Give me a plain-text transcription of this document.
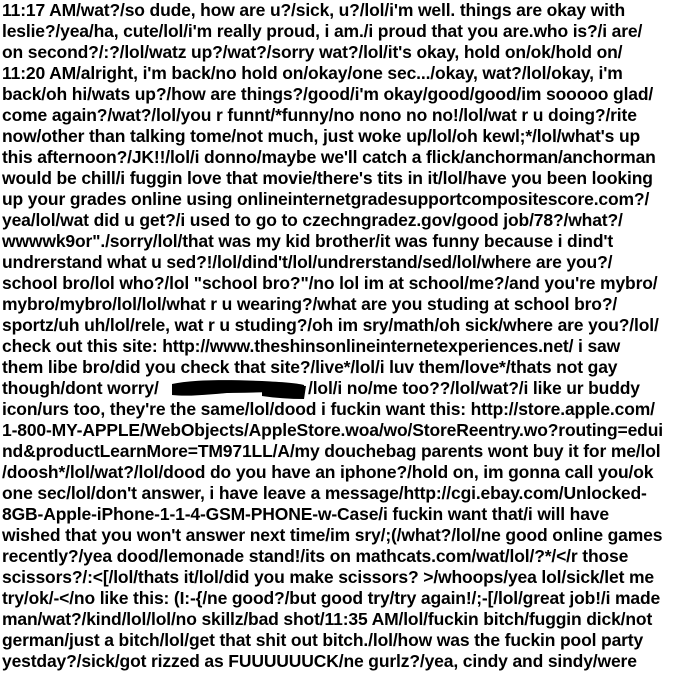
11:17 AM/wat?/so dude, how are u?/sick, u?/lol/i'm well. things are okay with
leslie?/yea/ha, cute/lol/i'm really proud, i am./i proud that you are.who is?/i are/
on second?/:?/lol/watz up?/wat?/sorry wat?/lol/it's okay, hold on/ok/hold on/
11:20 AM/alright, i'm back/no hold on/okay/one sec.../okay, wat?/lol/okay, i'm
back/oh hi/wats up?/how are things?/good/i'm okay/good/good/im sooooo glad/
come again?/wat?/lol/you r funnt/*funny/no nono no no!/lol/wat r u doing?/rite
now/other than talking tome/not much, just woke up/lol/oh kewl;*/lol/what's up
this afternoon?/JK!!/lol/i donno/maybe we'll catch a flick/anchorman/anchorman
would be chill/i fuggin love that movie/there's tits in it/lol/have you been looking
up your grades online using onlineinternetgradesupportcompositescore.com?/
yea/lol/wat did u get?/i used to go to czechngradez.gov/good job/78?/what?/
wwwwk9or"./sorry/lol/that was my kid brother/it was funny because i dind't
undrerstand what u sed?!/lol/dind't/lol/undrerstand/sed/lol/where are you?/
school bro/lol who?/lol "school bro?"/no lol im at school/me?/and you're mybro/
mybro/mybro/lol/lol/what r u wearing?/what are you studing at school bro?/
sportz/uh uh/lol/rele, wat r u studing?/oh im sry/math/oh sick/where are you?/lol/
check out this site: http://www.theshinsonlineinternetexperiences.net/ i saw
them libe bro/did you check that site?/live*/lol/i luv them/love*/thats not gay
though/dont worry/	/lol/i no/me too??/lol/wat?/i like ur buddy
icon/urs too, they're the same/lol/dood i fuckin want this: http://store.apple.com/
1-800-MY-APPLE/WebObjects/AppleStore.woa/wo/StoreReentry.wo?routing=edui
nd&productLearnMore=TM971LL/A/my douchebag parents wont buy it for me/lol
/doosh*/lol/wat?/lol/dood do you have an iphone?/hold on, im gonna call you/ok
one sec/lol/don't answer, i have leave a message/http://cgi.ebay.com/Unlocked-
8GB-Apple-iPhone-1-1-4-GSM-PHONE-w-Case/i fuckin want that/i will have
wished that you won't answer next time/im sry/;(/what?/lol/ne good online games
recently?/yea dood/lemonade stand!/its on mathcats.com/wat/lol/?*/</r those
scissors?/:<[/lol/thats it/lol/did you make scissors? >/whoops/yea lol/sick/let me
try/ok/-</no like this: (I:-{/ne good?/but good try/try again!/;-[/lol/great job!/i made
man/wat?/kind/lol/lol/no skillz/bad shot/11:35 AM/lol/fuckin bitch/fuggin dick/not
german/just a bitch/lol/get that shit out bitch./lol/how was the fuckin pool party
yestday?/sick/got rizzed as FUUUUUUCK/ne gurlz?/yea, cindy and sindy/were
